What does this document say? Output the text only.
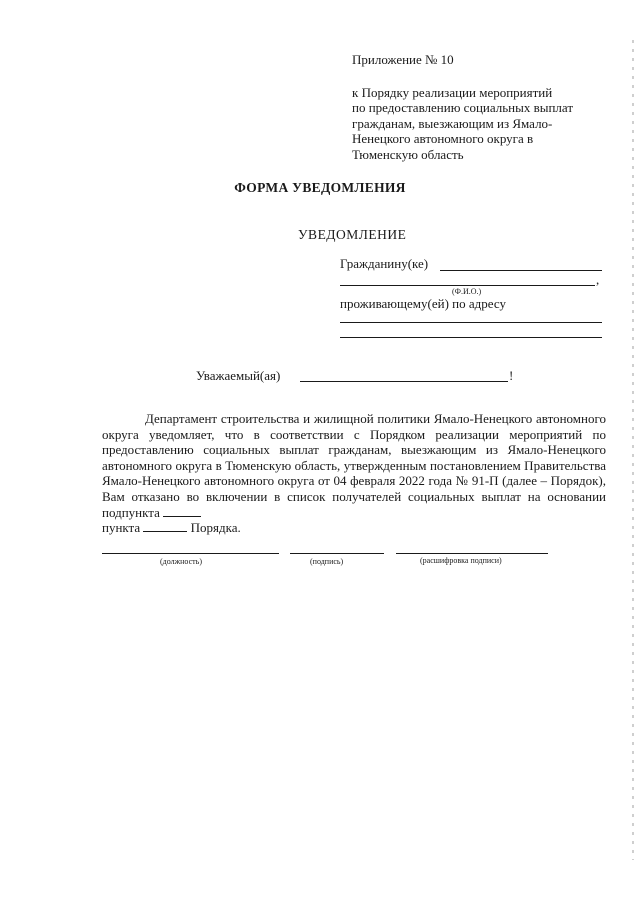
Приложение № 10
к Порядку реализации мероприятий
по предоставлению социальных выплат
гражданам, выезжающим из Ямало-
Ненецкого автономного округа в
Тюменскую область
ФОРМА УВЕДОМЛЕНИЯ
УВЕДОМЛЕНИЕ
Гражданину(ке)
,
(Ф.И.О.)
проживающему(ей) по адресу
Уважаемый(ая)	!
Департамент строительства и жилищной политики Ямало-Ненецкого автономного округа уведомляет, что в соответствии с Порядком реализации мероприятий по предоставлению социальных выплат гражданам, выезжающим из Ямало-Ненецкого автономного округа в Тюменскую область, утвержденным постановлением Правительства Ямало-Ненецкого автономного округа от 04 февраля 2022 года № 91-П (далее – Порядок), Вам отказано во включении в список получателей социальных выплат на основании подпункта
пункта	Порядка.
(должность)	(подпись)	(расшифровка подписи)
